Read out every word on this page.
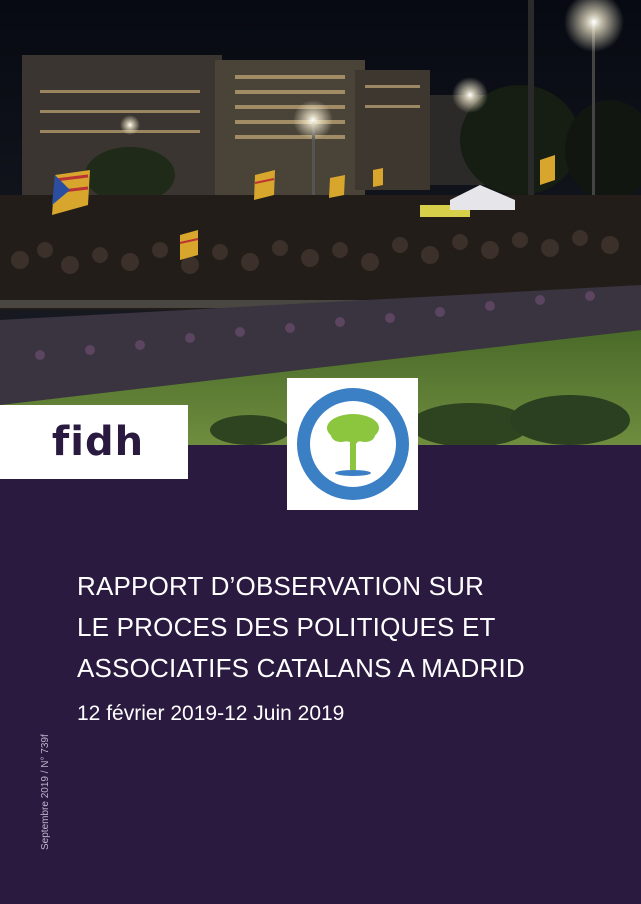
fidh
RAPPORT D’OBSERVATION SUR
LE PROCES DES POLITIQUES ET
ASSOCIATIFS CATALANS A MADRID
12 février 2019-12 Juin 2019
Septembre 2019 / N° 739f
